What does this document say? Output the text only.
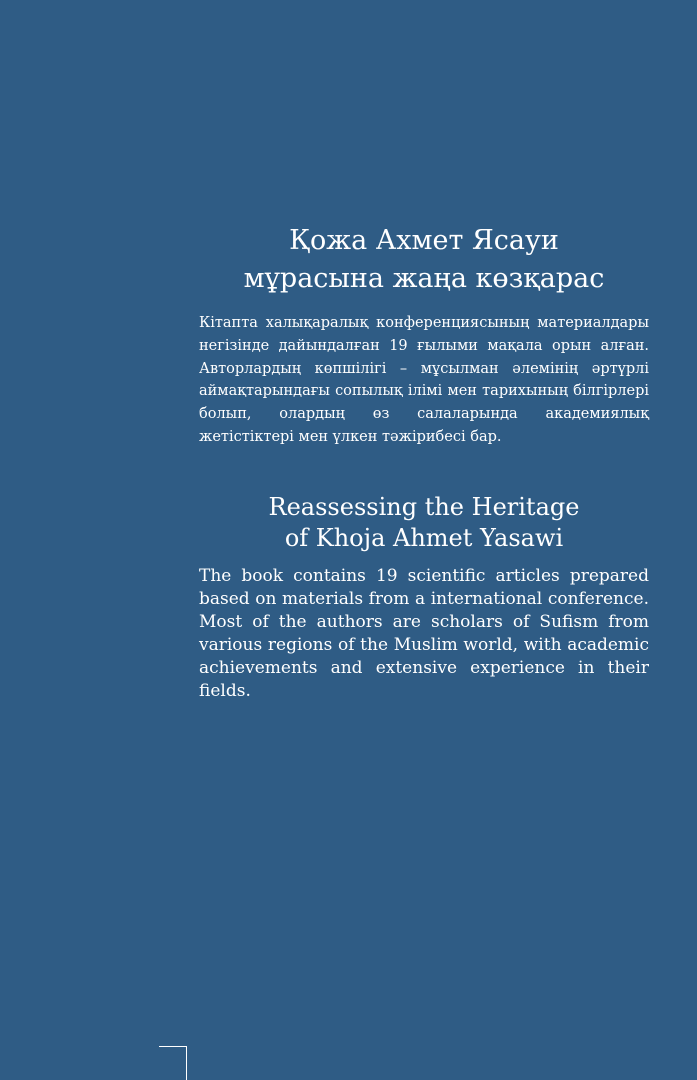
Қожа Ахмет Ясауи
мұрасына жаңа көзқарас

Кітапта халықаралық конференциясының материалдары негізінде дайындалған 19 ғылыми мақала орын алған. Авторлардың көпшілігі – мұсылман әлемінің әртүрлі аймақтарындағы сопылық ілімі мен тарихының білгірлері болып, олардың өз салаларында академиялық жетістіктері мен үлкен тәжірибесі бар.

Reassessing the Heritage
of Khoja Ahmet Yasawi

The book contains 19 scientific articles prepared based on materials from a international conference. Most of the authors are scholars of Sufism from various regions of the Muslim world, with academic achievements and extensive experience in their fields.
